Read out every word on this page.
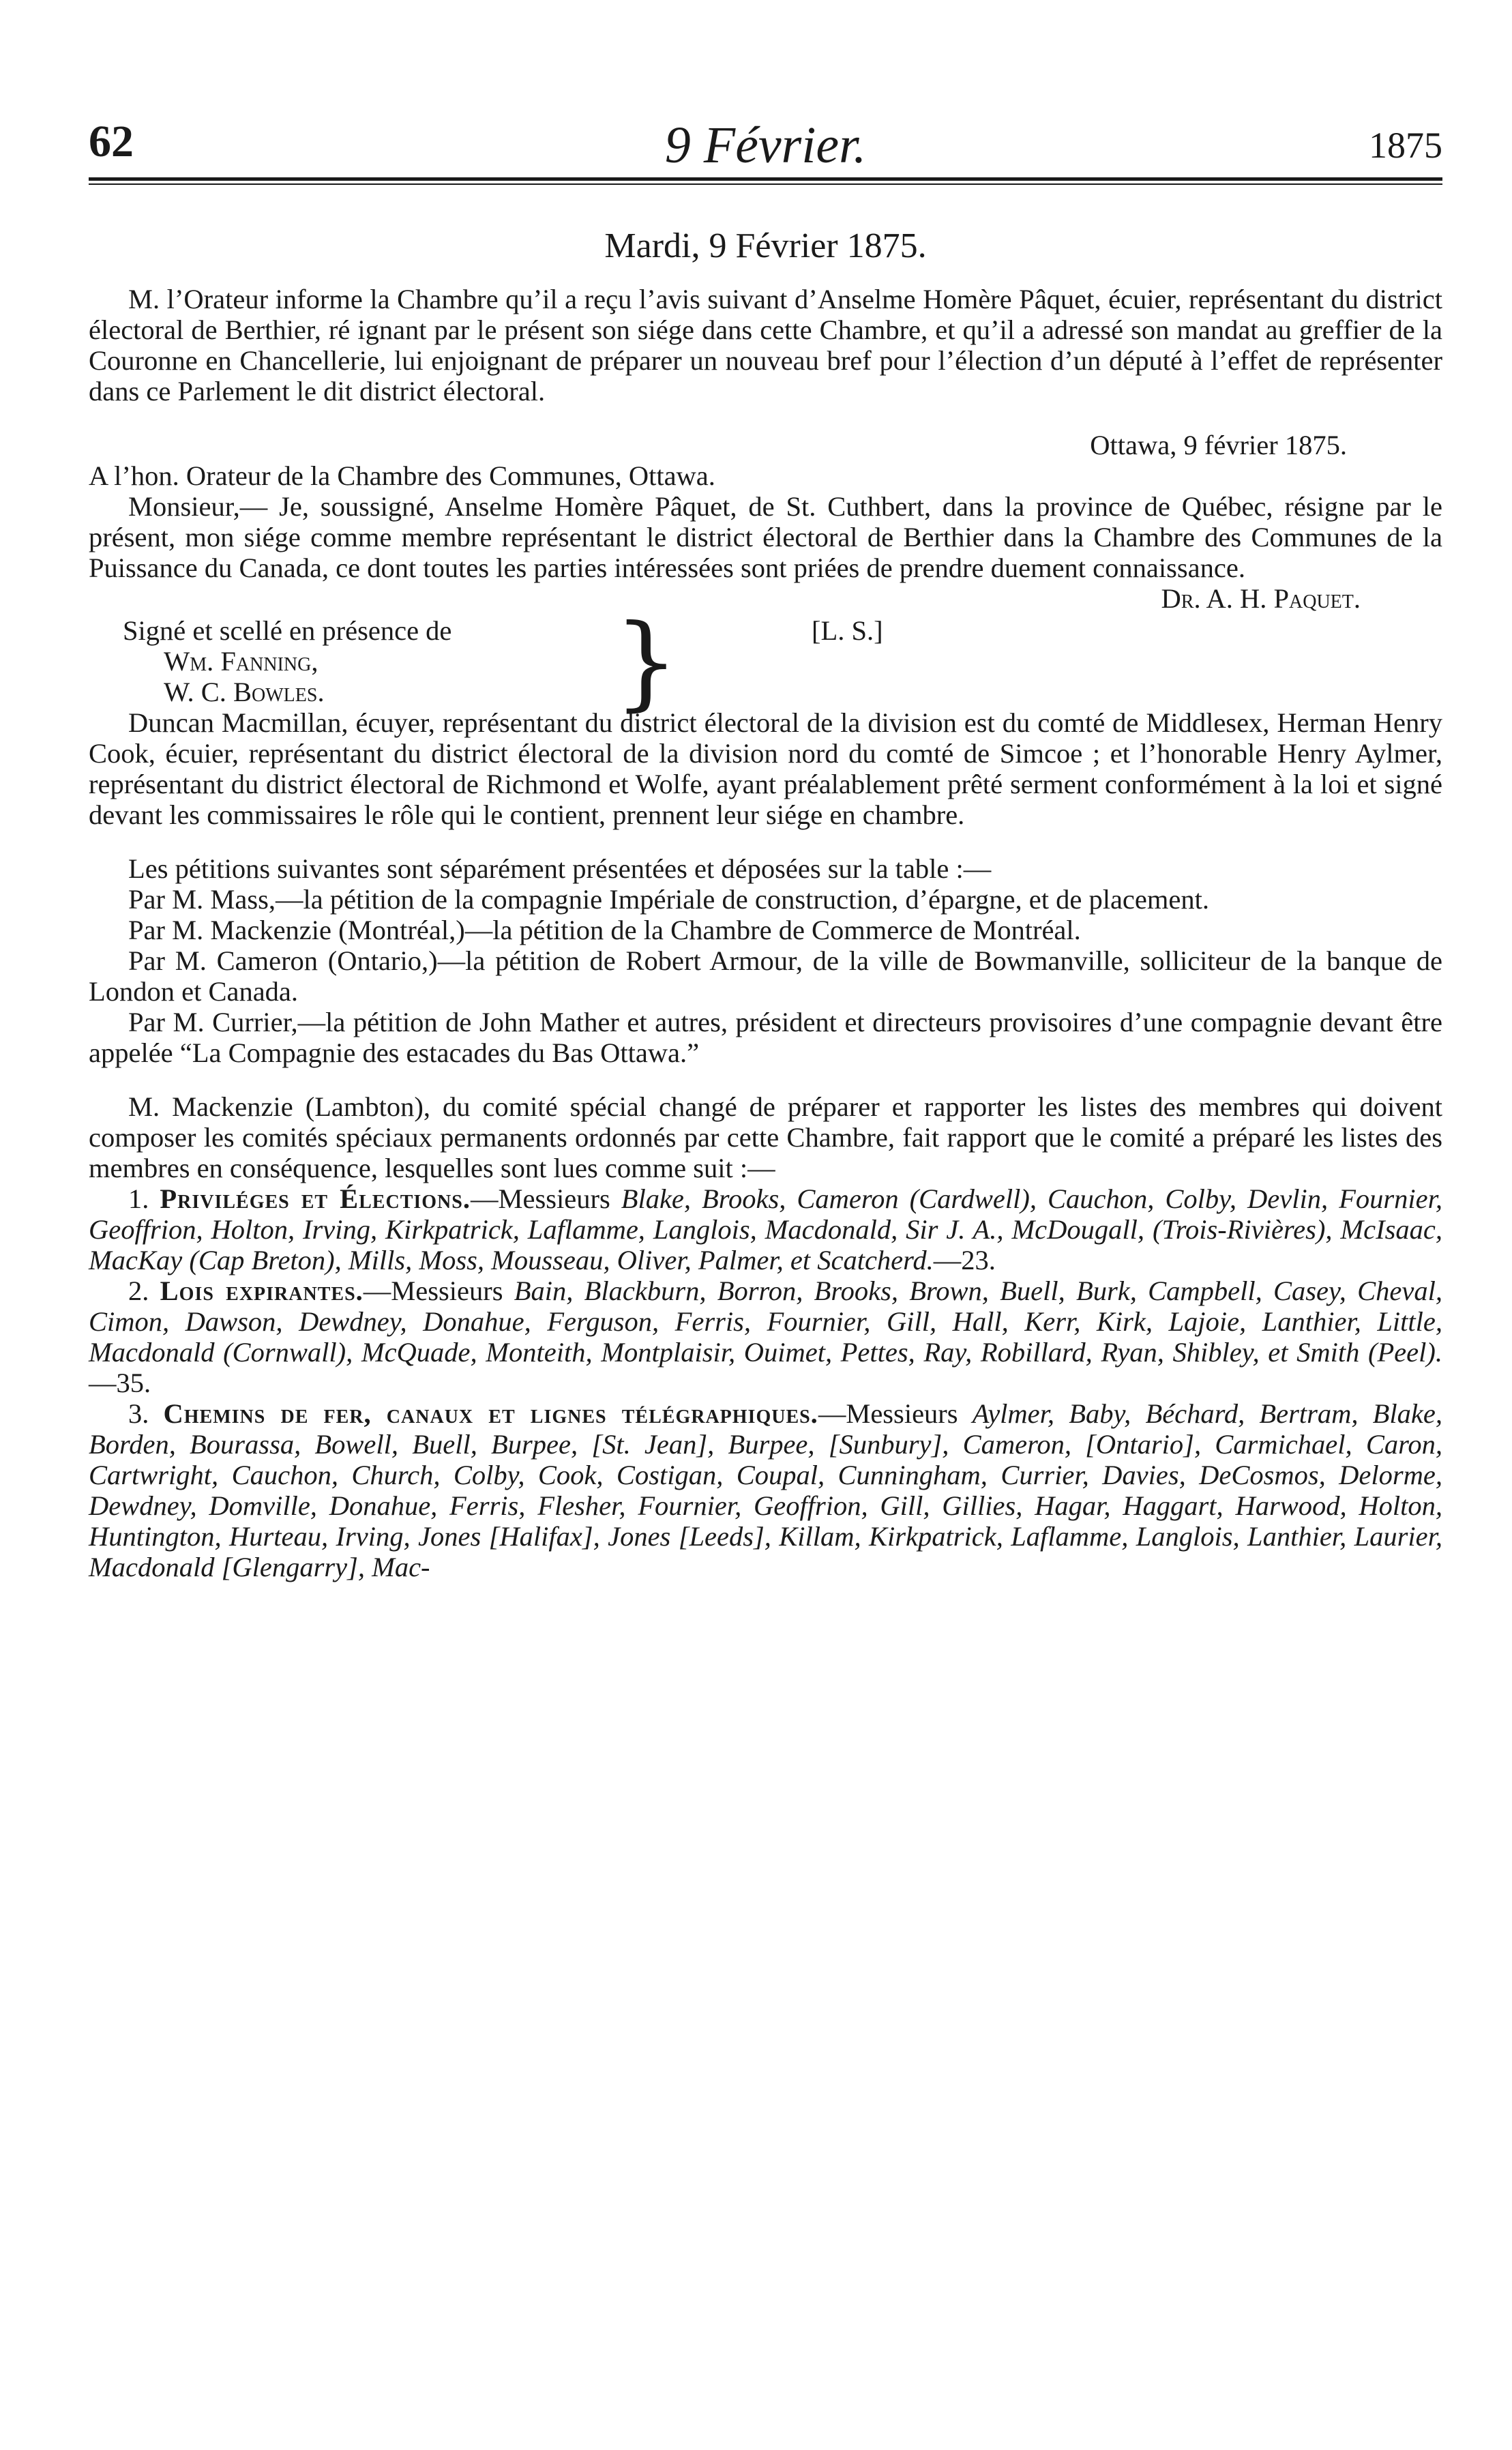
62	9 Février.	1875
Mardi, 9 Février 1875.

M. l’Orateur informe la Chambre qu’il a reçu l’avis suivant d’Anselme Homère Pâquet, écuier, représentant du district électoral de Berthier, ré ignant par le présent son siége dans cette Chambre, et qu’il a adressé son mandat au greffier de la Couronne en Chancellerie, lui enjoignant de préparer un nouveau bref pour l’élection d’un député à l’effet de représenter dans ce Parlement le dit district électoral.

Ottawa, 9 février 1875.

A l’hon. Orateur de la Chambre des Communes, Ottawa.

Monsieur,— Je, soussigné, Anselme Homère Pâquet, de St. Cuthbert, dans la province de Québec, résigne par le présent, mon siége comme membre représentant le district électoral de Berthier dans la Chambre des Communes de la Puissance du Canada, ce dont toutes les parties intéressées sont priées de prendre duement connaissance.

Dr. A. H. Paquet.

Signé et scellé en présence de
Wm. Fanning,
W. C. Bowles.	}	[L. S.]

Duncan Macmillan, écuyer, représentant du district électoral de la division est du comté de Middlesex, Herman Henry Cook, écuier, représentant du district électoral de la division nord du comté de Simcoe ; et l’honorable Henry Aylmer, représentant du district électoral de Richmond et Wolfe, ayant préalablement prêté serment conformément à la loi et signé devant les commissaires le rôle qui le contient, prennent leur siége en chambre.

Les pétitions suivantes sont séparément présentées et déposées sur la table :—

Par M. Mass,—la pétition de la compagnie Impériale de construction, d’épargne, et de placement.

Par M. Mackenzie (Montréal,)—la pétition de la Chambre de Commerce de Montréal.

Par M. Cameron (Ontario,)—la pétition de Robert Armour, de la ville de Bowmanville, solliciteur de la banque de London et Canada.

Par M. Currier,—la pétition de John Mather et autres, président et directeurs provisoires d’une compagnie devant être appelée “La Compagnie des estacades du Bas Ottawa.”

M. Mackenzie (Lambton), du comité spécial changé de préparer et rapporter les listes des membres qui doivent composer les comités spéciaux permanents ordonnés par cette Chambre, fait rapport que le comité a préparé les listes des membres en conséquence, lesquelles sont lues comme suit :—

1. Priviléges et Élections.—Messieurs Blake, Brooks, Cameron (Cardwell), Cauchon, Colby, Devlin, Fournier, Geoffrion, Holton, Irving, Kirkpatrick, Laflamme, Langlois, Macdonald, Sir J. A., McDougall, (Trois-Rivières), McIsaac, MacKay (Cap Breton), Mills, Moss, Mousseau, Oliver, Palmer, et Scatcherd.—23.

2. Lois expirantes.—Messieurs Bain, Blackburn, Borron, Brooks, Brown, Buell, Burk, Campbell, Casey, Cheval, Cimon, Dawson, Dewdney, Donahue, Ferguson, Ferris, Fournier, Gill, Hall, Kerr, Kirk, Lajoie, Lanthier, Little, Macdonald (Cornwall), McQuade, Monteith, Montplaisir, Ouimet, Pettes, Ray, Robillard, Ryan, Shibley, et Smith (Peel).—35.

3. Chemins de fer, canaux et lignes télégraphiques.—Messieurs Aylmer, Baby, Béchard, Bertram, Blake, Borden, Bourassa, Bowell, Buell, Burpee, [St. Jean], Burpee, [Sunbury], Cameron, [Ontario], Carmichael, Caron, Cartwright, Cauchon, Church, Colby, Cook, Costigan, Coupal, Cunningham, Currier, Davies, DeCosmos, Delorme, Dewdney, Domville, Donahue, Ferris, Flesher, Fournier, Geoffrion, Gill, Gillies, Hagar, Haggart, Harwood, Holton, Huntington, Hurteau, Irving, Jones [Halifax], Jones [Leeds], Killam, Kirkpatrick, Laflamme, Langlois, Lanthier, Laurier, Macdonald [Glengarry], Mac-
